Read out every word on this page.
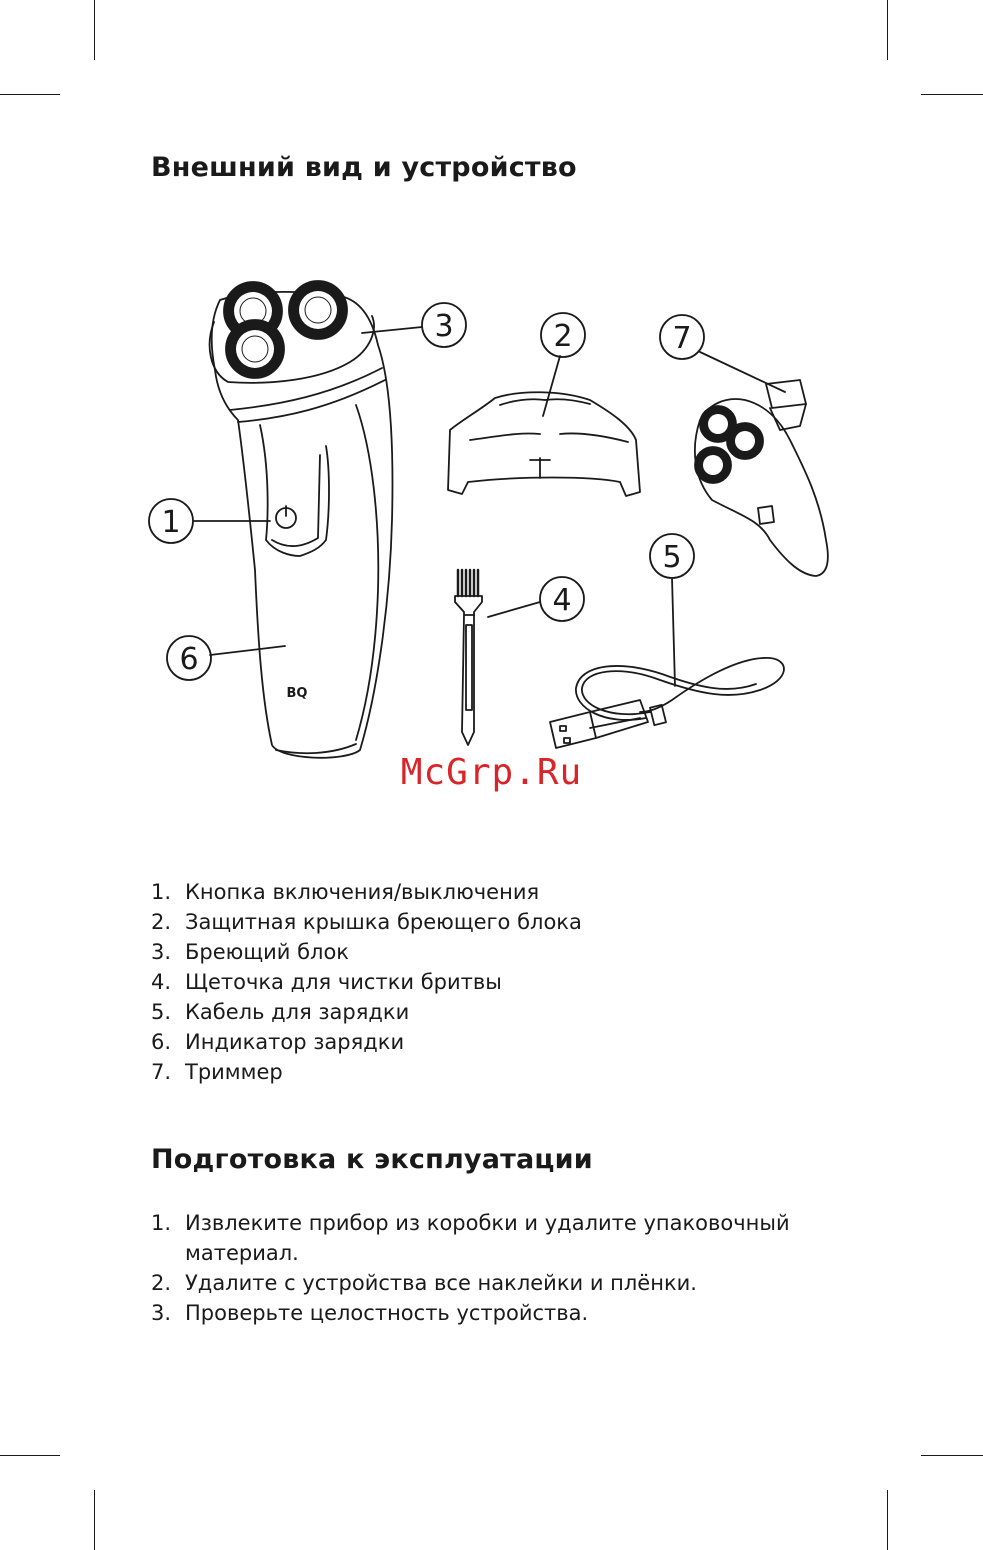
Внешний вид и устройство
1
2
3
4
5
6
7
BQ
McGrp.Ru
1. Кнопка включения/выключения
2. Защитная крышка бреющего блока
3. Бреющий блок
4. Щеточка для чистки бритвы
5. Кабель для зарядки
6. Индикатор зарядки
7. Триммер
Подготовка к эксплуатации
1. Извлеките прибор из коробки и удалите упаковочный материал.
2. Удалите с устройства все наклейки и плёнки.
3. Проверьте целостность устройства.
